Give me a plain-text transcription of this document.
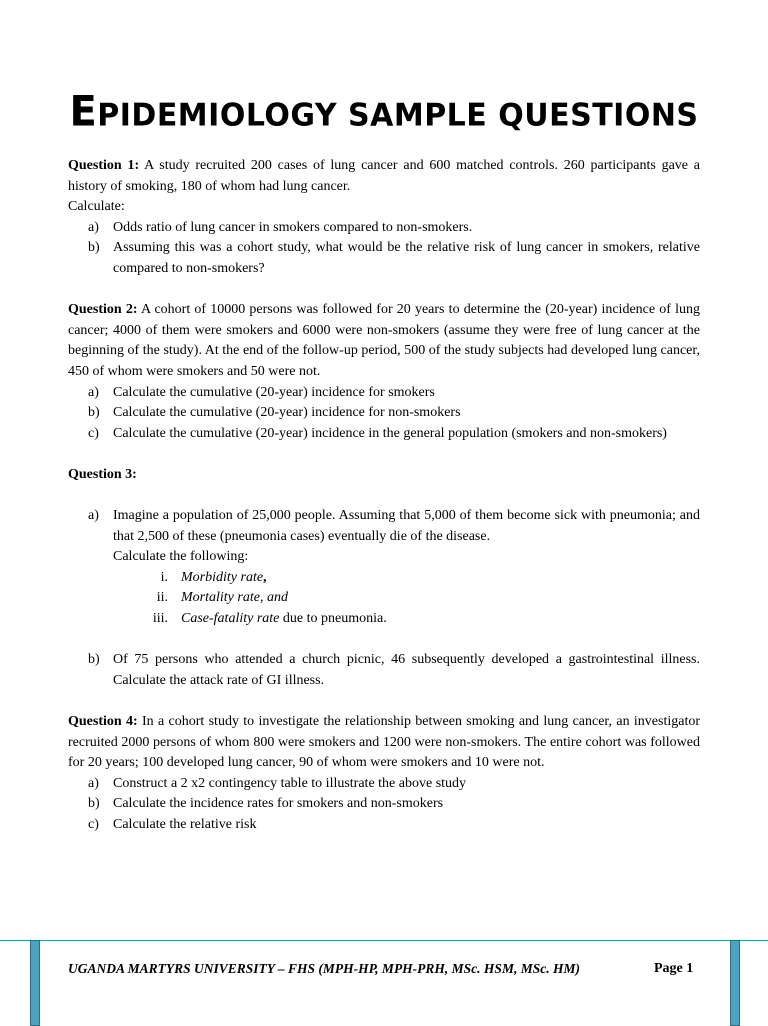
EPIDEMIOLOGY SAMPLE QUESTIONS

Question 1: A study recruited 200 cases of lung cancer and 600 matched controls. 260 participants gave a history of smoking, 180 of whom had lung cancer.

Calculate:

a)	Odds ratio of lung cancer in smokers compared to non-smokers.
b) Assuming this was a cohort study, what would be the relative risk of lung cancer in smokers, relative compared to non-smokers?

Question 2: A cohort of 10000 persons was followed for 20 years to determine the (20-year) incidence of lung cancer; 4000 of them were smokers and 6000 were non-smokers (assume they were free of lung cancer at the beginning of the study). At the end of the follow-up period, 500 of the study subjects had developed lung cancer, 450 of whom were smokers and 50 were not.

a)	Calculate the cumulative (20-year) incidence for smokers
b) Calculate the cumulative (20-year) incidence for non-smokers
c)	Calculate the cumulative (20-year) incidence in the general population (smokers and non-smokers)

Question 3:

a)	Imagine a population of 25,000 people. Assuming that 5,000 of them become sick with pneumonia; and that 2,500 of these (pneumonia cases) eventually die of the disease.
Calculate the following:
i. Morbidity rate,
ii. Mortality rate, and
iii. Case-fatality rate due to pneumonia.
b) Of 75 persons who attended a church picnic, 46 subsequently developed a gastrointestinal illness. Calculate the attack rate of GI illness.

Question 4: In a cohort study to investigate the relationship between smoking and lung cancer, an investigator recruited 2000 persons of whom 800 were smokers and 1200 were non-smokers. The entire cohort was followed for 20 years; 100 developed lung cancer, 90 of whom were smokers and 10 were not.

a)	Construct a 2 x2 contingency table to illustrate the above study
b) Calculate the incidence rates for smokers and non-smokers
c)	Calculate the relative risk
UGANDA MARTYRS UNIVERSITY – FHS (MPH-HP, MPH-PRH, MSc. HSM, MSc. HM)	Page 1
